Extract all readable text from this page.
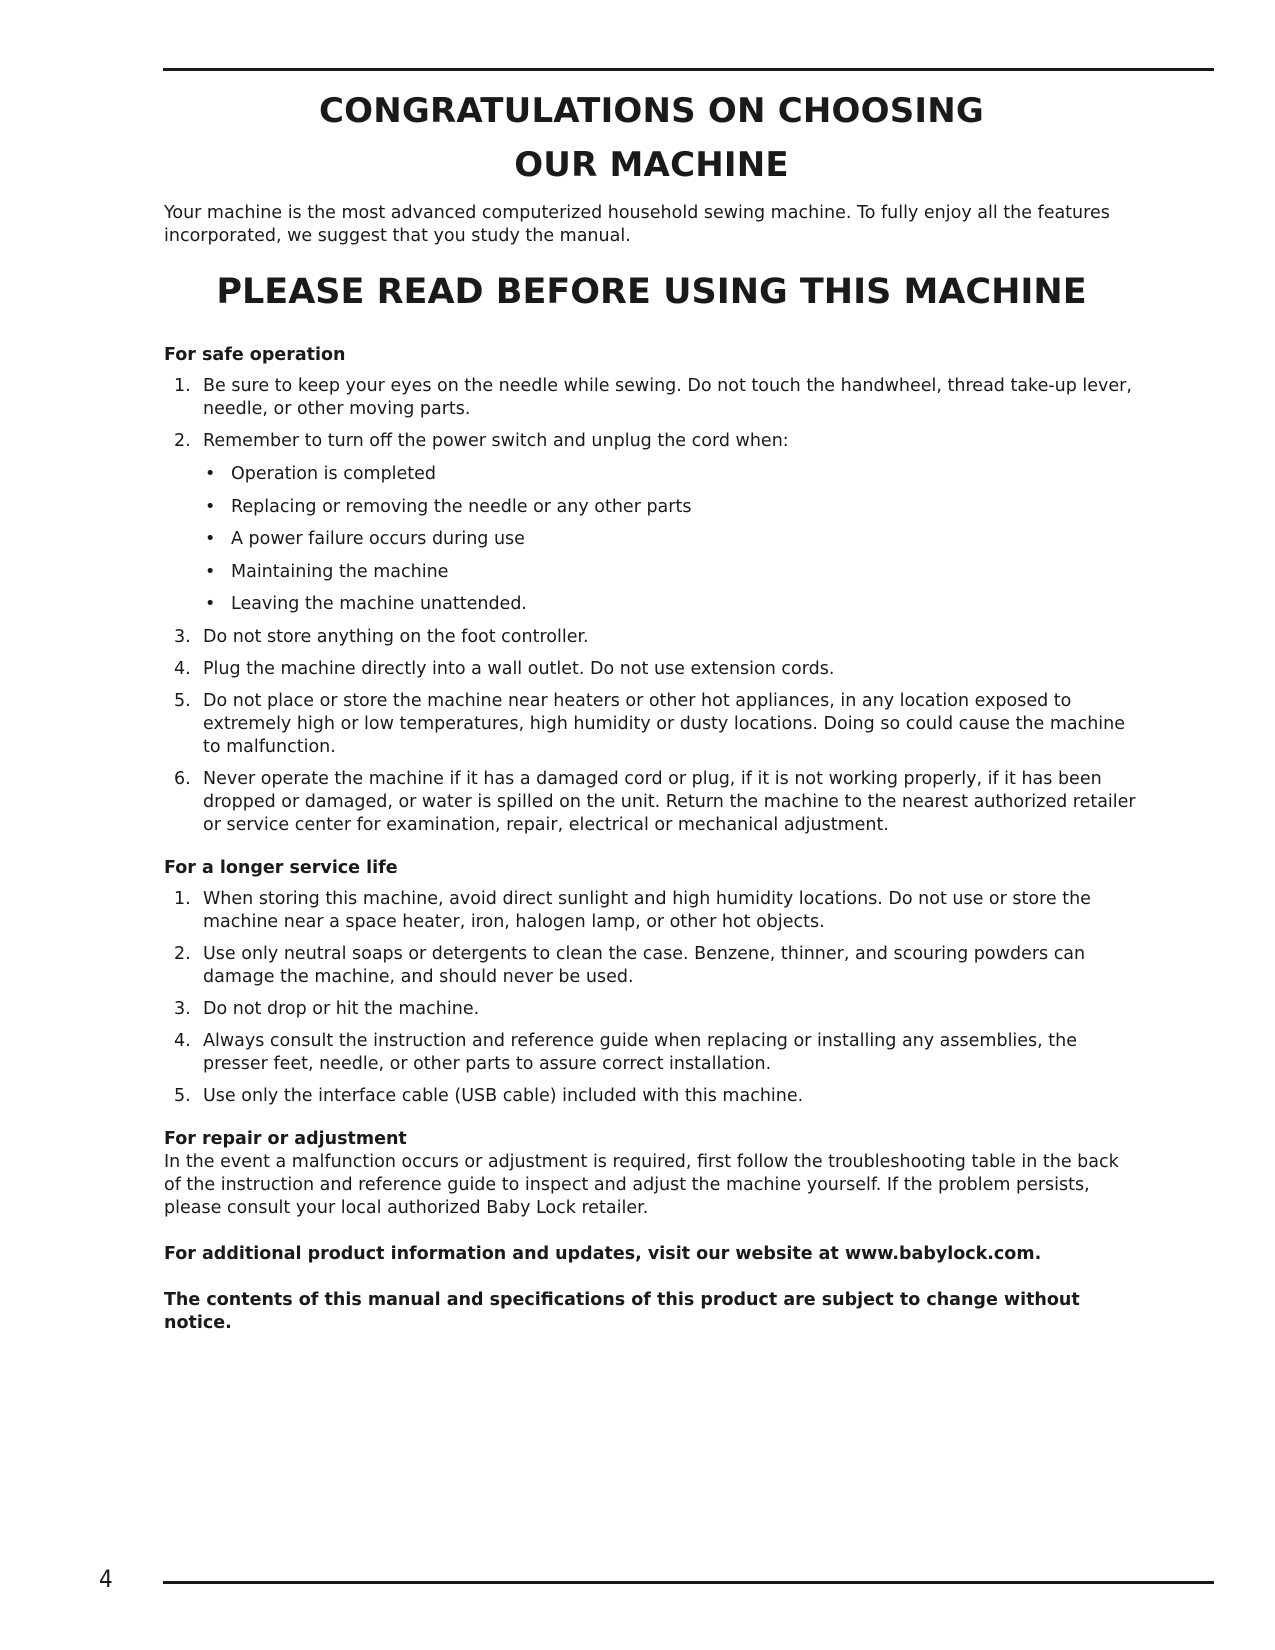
CONGRATULATIONS ON CHOOSING
OUR MACHINE

Your machine is the most advanced computerized household sewing machine. To fully enjoy all the features incorporated, we suggest that you study the manual.

PLEASE READ BEFORE USING THIS MACHINE
For safe operation
1. Be sure to keep your eyes on the needle while sewing. Do not touch the handwheel, thread take-up lever, needle, or other moving parts.
2. Remember to turn off the power switch and unplug the cord when:
• Operation is completed
• Replacing or removing the needle or any other parts
• A power failure occurs during use
• Maintaining the machine
• Leaving the machine unattended.
3. Do not store anything on the foot controller.
4. Plug the machine directly into a wall outlet. Do not use extension cords.
5. Do not place or store the machine near heaters or other hot appliances, in any location exposed to extremely high or low temperatures, high humidity or dusty locations. Doing so could cause the machine to malfunction.
6. Never operate the machine if it has a damaged cord or plug, if it is not working properly, if it has been dropped or damaged, or water is spilled on the unit. Return the machine to the nearest authorized retailer or service center for examination, repair, electrical or mechanical adjustment.
For a longer service life
1. When storing this machine, avoid direct sunlight and high humidity locations. Do not use or store the machine near a space heater, iron, halogen lamp, or other hot objects.
2. Use only neutral soaps or detergents to clean the case. Benzene, thinner, and scouring powders can damage the machine, and should never be used.
3. Do not drop or hit the machine.
4. Always consult the instruction and reference guide when replacing or installing any assemblies, the presser feet, needle, or other parts to assure correct installation.
5. Use only the interface cable (USB cable) included with this machine.
For repair or adjustment

In the event a malfunction occurs or adjustment is required, first follow the troubleshooting table in the back of the instruction and reference guide to inspect and adjust the machine yourself. If the problem persists, please consult your local authorized Baby Lock retailer.

For additional product information and updates, visit our website at www.babylock.com.

The contents of this manual and specifications of this product are subject to change without notice.

4
